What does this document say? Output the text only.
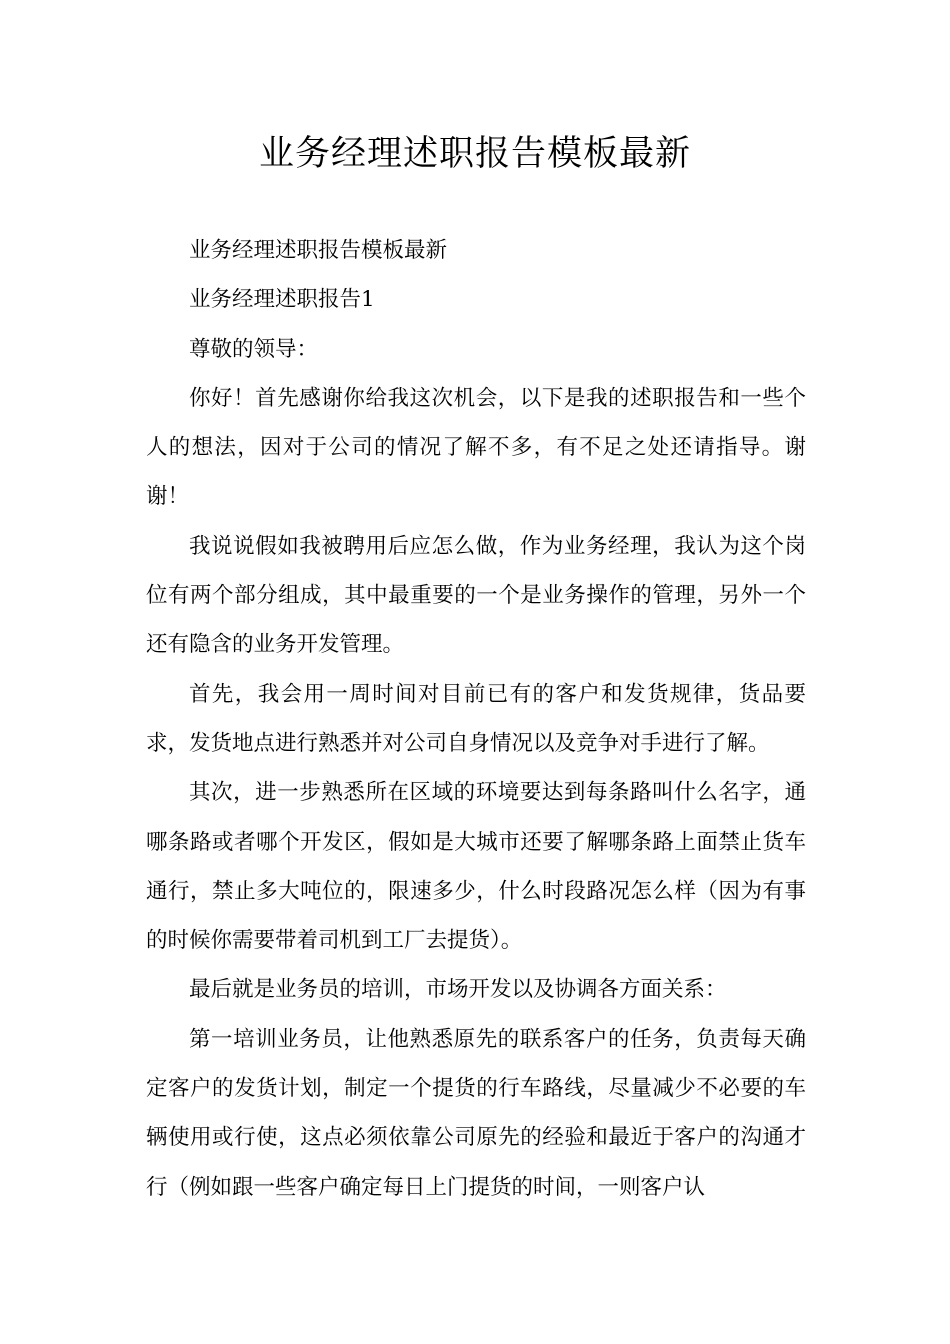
业务经理述职报告模板最新

业务经理述职报告模板最新

业务经理述职报告1

尊敬的领导：

你好！首先感谢你给我这次机会，以下是我的述职报告和一些个人的想法，因对于公司的情况了解不多，有不足之处还请指导。谢谢！

我说说假如我被聘用后应怎么做，作为业务经理，我认为这个岗位有两个部分组成，其中最重要的一个是业务操作的管理，另外一个还有隐含的业务开发管理。

首先，我会用一周时间对目前已有的客户和发货规律，货品要求，发货地点进行熟悉并对公司自身情况以及竞争对手进行了解。

其次，进一步熟悉所在区域的环境要达到每条路叫什么名字，通哪条路或者哪个开发区，假如是大城市还要了解哪条路上面禁止货车通行，禁止多大吨位的，限速多少，什么时段路况怎么样（因为有事的时候你需要带着司机到工厂去提货）。

最后就是业务员的培训，市场开发以及协调各方面关系：

第一培训业务员，让他熟悉原先的联系客户的任务，负责每天确定客户的发货计划，制定一个提货的行车路线，尽量减少不必要的车辆使用或行使，这点必须依靠公司原先的经验和最近于客户的沟通才行（例如跟一些客户确定每日上门提货的时间，一则客户认
